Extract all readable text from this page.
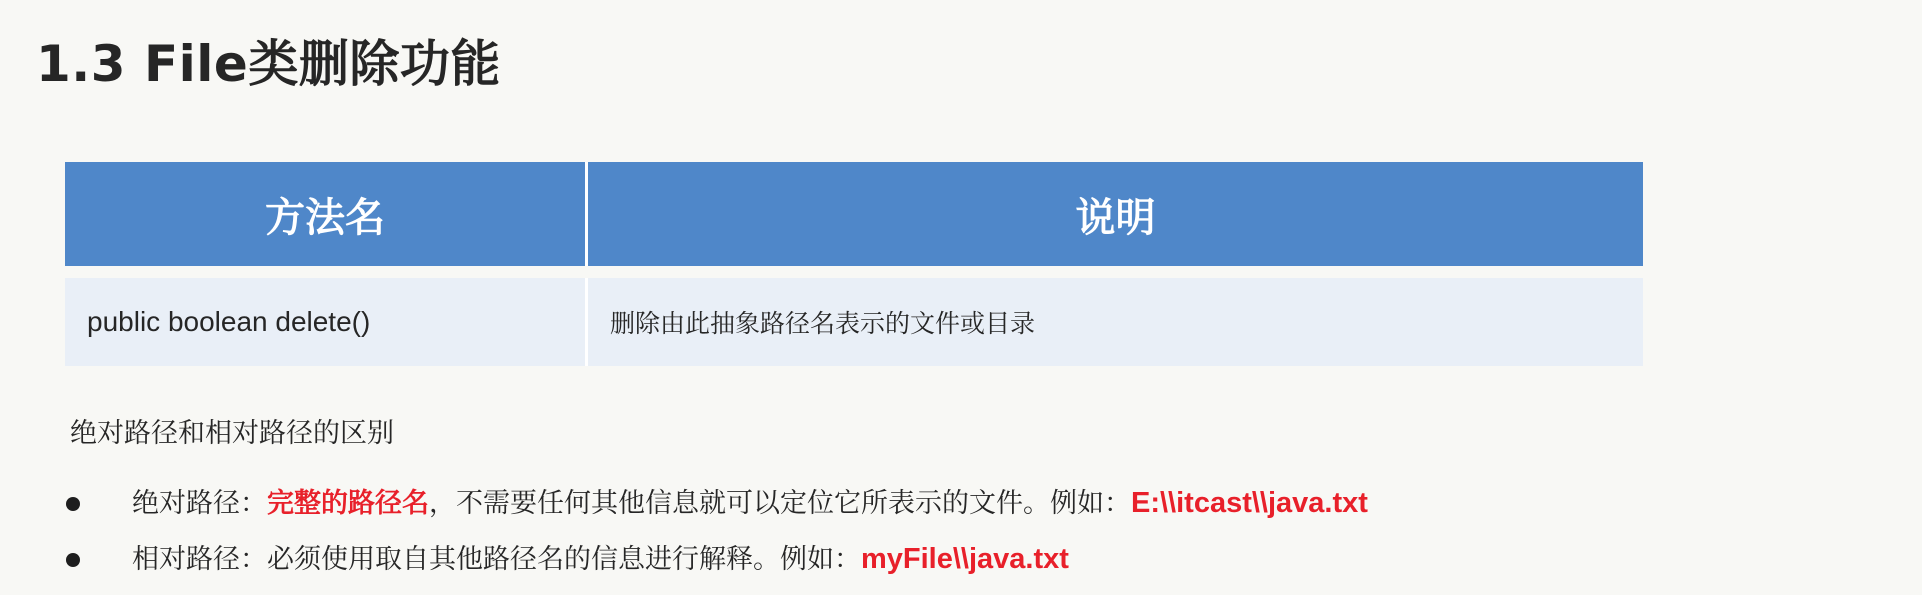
1.3 File类删除功能
方法名	说明

public boolean delete()	删除由此抽象路径名表示的文件或目录
绝对路径和相对路径的区别
绝对路径：完整的路径名，不需要任何其他信息就可以定位它所表示的文件。例如：E:\\itcast\\java.txt
相对路径：必须使用取自其他路径名的信息进行解释。例如：myFile\\java.txt
